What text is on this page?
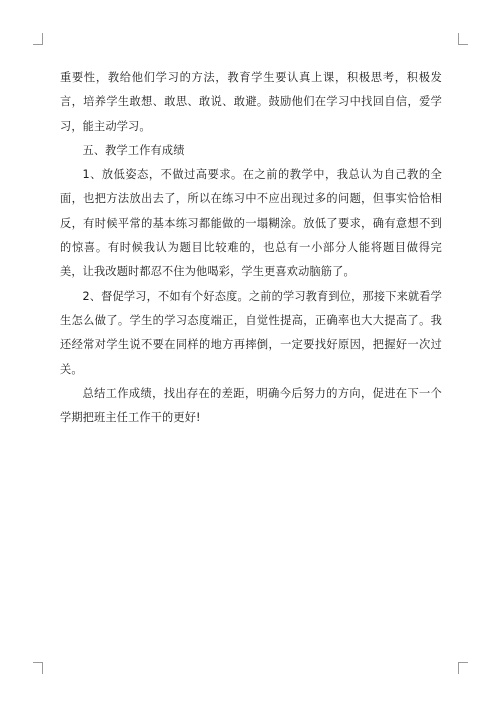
重要性，教给他们学习的方法，教育学生要认真上课，积极思考，积极发言，培养学生敢想、敢思、敢说、敢避。鼓励他们在学习中找回自信，爱学习，能主动学习。

五、教学工作有成绩

1、放低姿态，不做过高要求。在之前的教学中，我总认为自己教的全面，也把方法放出去了，所以在练习中不应出现过多的问题，但事实恰恰相反，有时候平常的基本练习都能做的一塌糊涂。放低了要求，确有意想不到的惊喜。有时候我认为题目比较难的，也总有一小部分人能将题目做得完美，让我改题时都忍不住为他喝彩，学生更喜欢动脑筋了。

2、督促学习，不如有个好态度。之前的学习教育到位，那接下来就看学生怎么做了。学生的学习态度端正，自觉性提高，正确率也大大提高了。我还经常对学生说不要在同样的地方再摔倒，一定要找好原因，把握好一次过关。

总结工作成绩，找出存在的差距，明确今后努力的方向，促进在下一个学期把班主任工作干的更好!
